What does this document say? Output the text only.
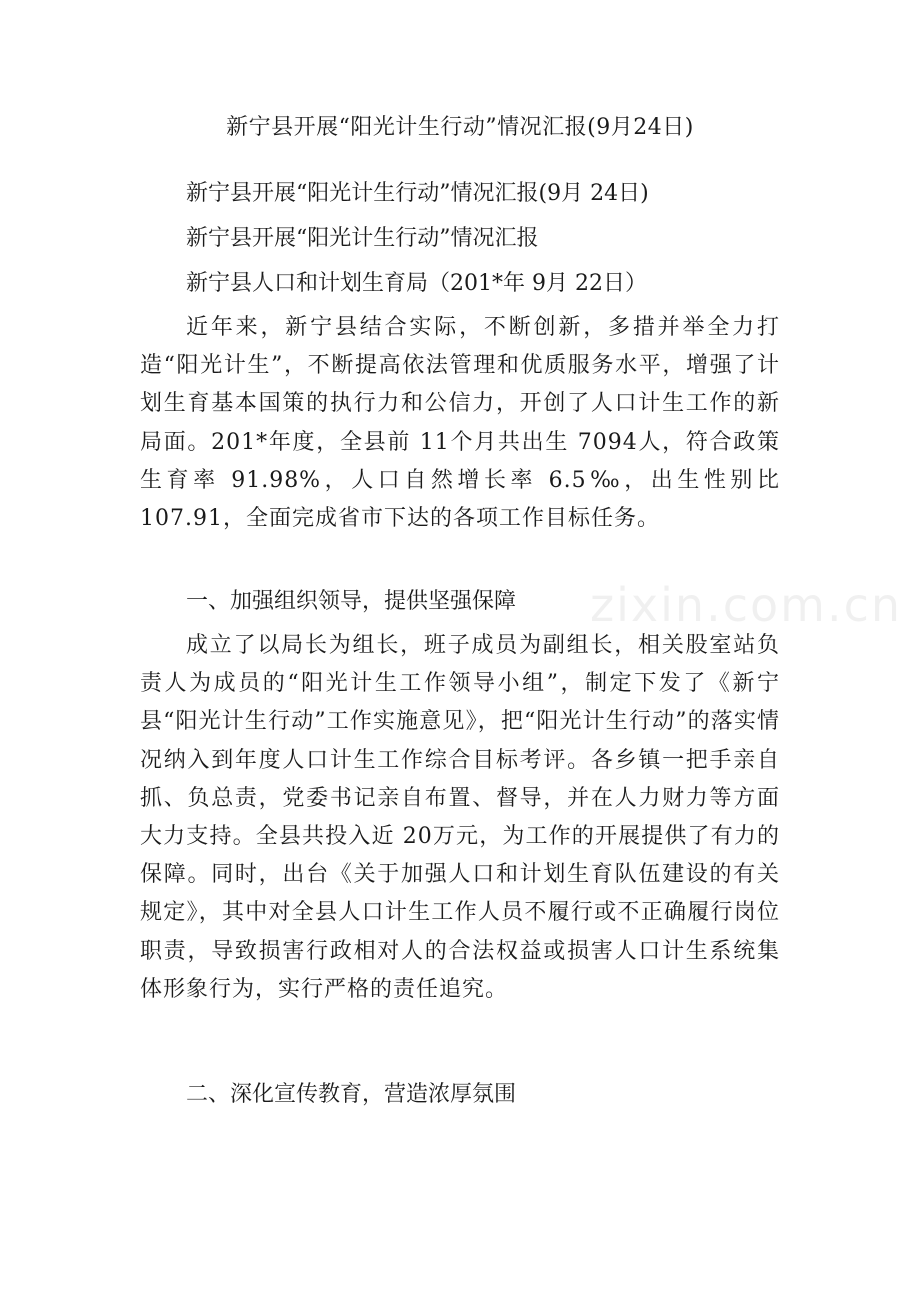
新宁县开展“阳光计生行动”情况汇报(9月24日)
新宁县开展“阳光计生行动”情况汇报(9月 24日)
新宁县开展“阳光计生行动”情况汇报
新宁县人口和计划生育局（201*年 9月 22日）
近年来，新宁县结合实际，不断创新，多措并举全力打造“阳光计生”，不断提高依法管理和优质服务水平，增强了计划生育基本国策的执行力和公信力，开创了人口计生工作的新局面。201*年度，全县前 11个月共出生 7094人，符合政策生育率 91.98%，人口自然增长率 6.5‰，出生性别比 107.91，全面完成省市下达的各项工作目标任务。
一、加强组织领导，提供坚强保障
成立了以局长为组长，班子成员为副组长，相关股室站负责人为成员的“阳光计生工作领导小组”，制定下发了《新宁县“阳光计生行动”工作实施意见》，把“阳光计生行动”的落实情况纳入到年度人口计生工作综合目标考评。各乡镇一把手亲自抓、负总责，党委书记亲自布置、督导，并在人力财力等方面大力支持。全县共投入近 20万元，为工作的开展提供了有力的保障。同时，出台《关于加强人口和计划生育队伍建设的有关规定》，其中对全县人口计生工作人员不履行或不正确履行岗位职责，导致损害行政相对人的合法权益或损害人口计生系统集体形象行为，实行严格的责任追究。
二、深化宣传教育，营造浓厚氛围
zixin.com.cn
